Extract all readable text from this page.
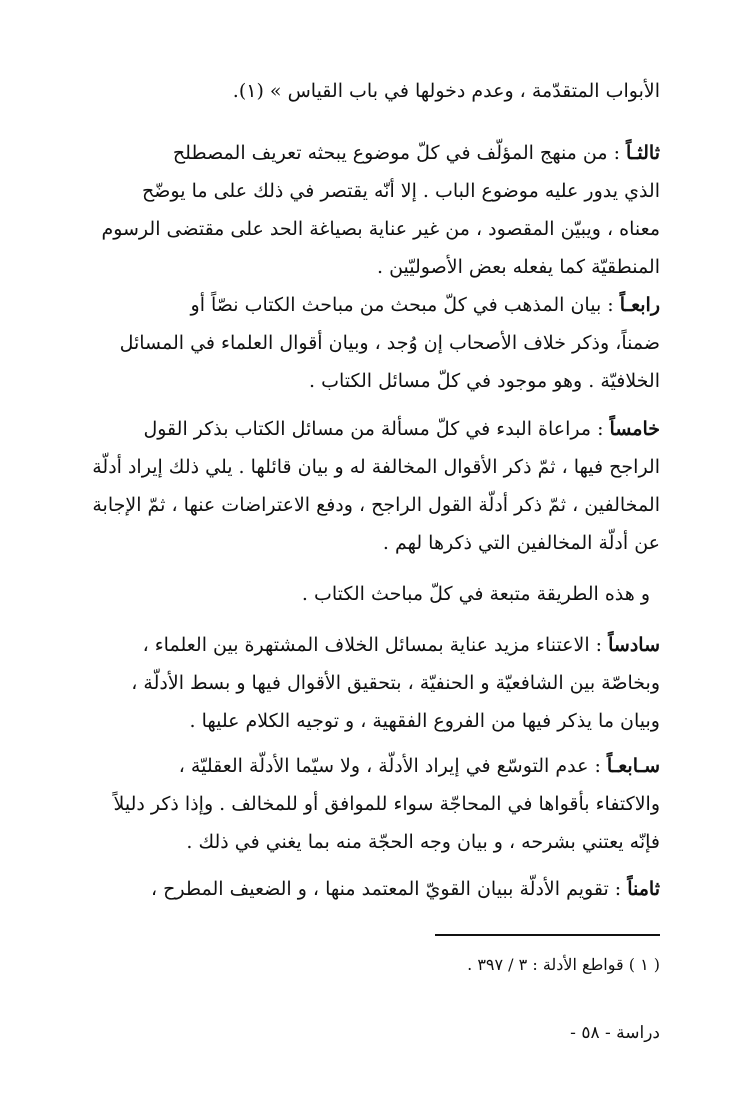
الأبواب المتقدّمة ، وعدم دخولها في باب القياس » (١).
ثالثـاً : من منهج المؤلّف في كلّ موضوع يبحثه تعريف المصطلح
الذي يدور عليه موضوع الباب . إلا أنّه يقتصر في ذلك على ما يوضّح
معناه ، ويبيّن المقصود ، من غير عناية بصياغة الحد على مقتضى الرسوم
المنطقيّة كما يفعله بعض الأصوليّين .
رابعـاً : بيان المذهب في كلّ مبحث من مباحث الكتاب نصّاً أو
ضمناً، وذكر خلاف الأصحاب إن وُجد ، وبيان أقوال العلماء في المسائل
الخلافيّة . وهو موجود في كلّ مسائل الكتاب .
خامساً : مراعاة البدء في كلّ مسألة من مسائل الكتاب بذكر القول
الراجح فيها ، ثمّ ذكر الأقوال المخالفة له و بيان قائلها . يلي ذلك إيراد أدلّة
المخالفين ، ثمّ ذكر أدلّة القول الراجح ، ودفع الاعتراضات عنها ، ثمّ الإجابة
عن أدلّة المخالفين التي ذكرها لهم .
و هذه الطريقة متبعة في كلّ مباحث الكتاب .
سادساً : الاعتناء مزيد عناية بمسائل الخلاف المشتهرة بين العلماء ،
وبخاصّة بين الشافعيّة و الحنفيّة ، بتحقيق الأقوال فيها و بسط الأدلّة ،
وبيان ما يذكر فيها من الفروع الفقهية ، و توجيه الكلام عليها .
سـابعـاً : عدم التوسّع في إيراد الأدلّة ، ولا سيّما الأدلّة العقليّة ،
والاكتفاء بأقواها في المحاجّة سواء للموافق أو للمخالف . وإذا ذكر دليلاً
فإنّه يعتني بشرحه ، و بيان وجه الحجّة منه بما يغني في ذلك .
ثامناً : تقويم الأدلّة ببيان القويّ المعتمد منها ، و الضعيف المطرح ،
( ١ ) قواطع الأدلة : ٣ / ٣٩٧ .
دراسة - ٥٨ -
